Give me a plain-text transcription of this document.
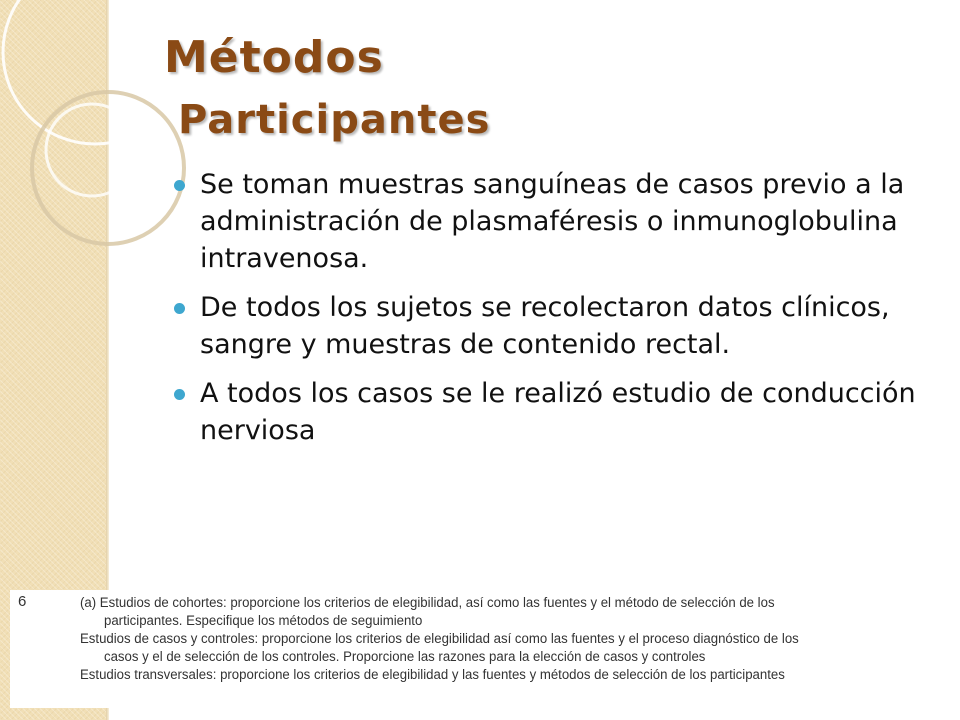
Métodos
Participantes
Se toman muestras sanguíneas de casos previo a la administración de plasmaféresis o inmunoglobulina intravenosa.
De todos los sujetos se recolectaron datos clínicos, sangre y muestras de contenido rectal.
A todos los casos se le realizó estudio de conducción nerviosa
6	(a) Estudios de cohortes: proporcione los criterios de elegibilidad, así como las fuentes y el método de selección de los
participantes. Especifique los métodos de seguimiento
Estudios de casos y controles: proporcione los criterios de elegibilidad así como las fuentes y el proceso diagnóstico de los
casos y el de selección de los controles. Proporcione las razones para la elección de casos y controles
Estudios transversales: proporcione los criterios de elegibilidad y las fuentes y métodos de selección de los participantes
